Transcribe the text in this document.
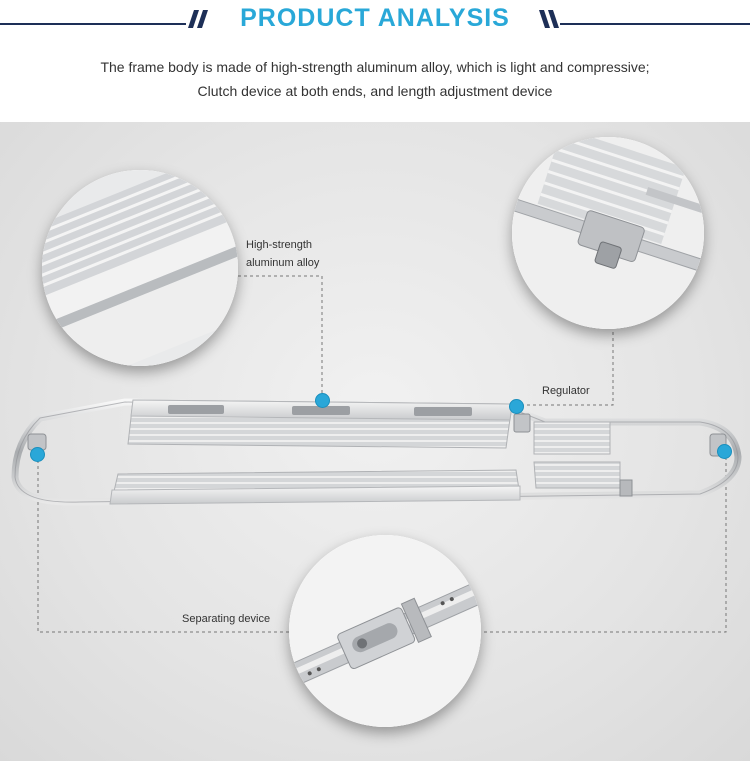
PRODUCT ANALYSIS
The frame body is made of high-strength aluminum alloy, which is light and compressive;
Clutch device at both ends, and length adjustment device
High-strength
aluminum alloy
Regulator
Separating device
